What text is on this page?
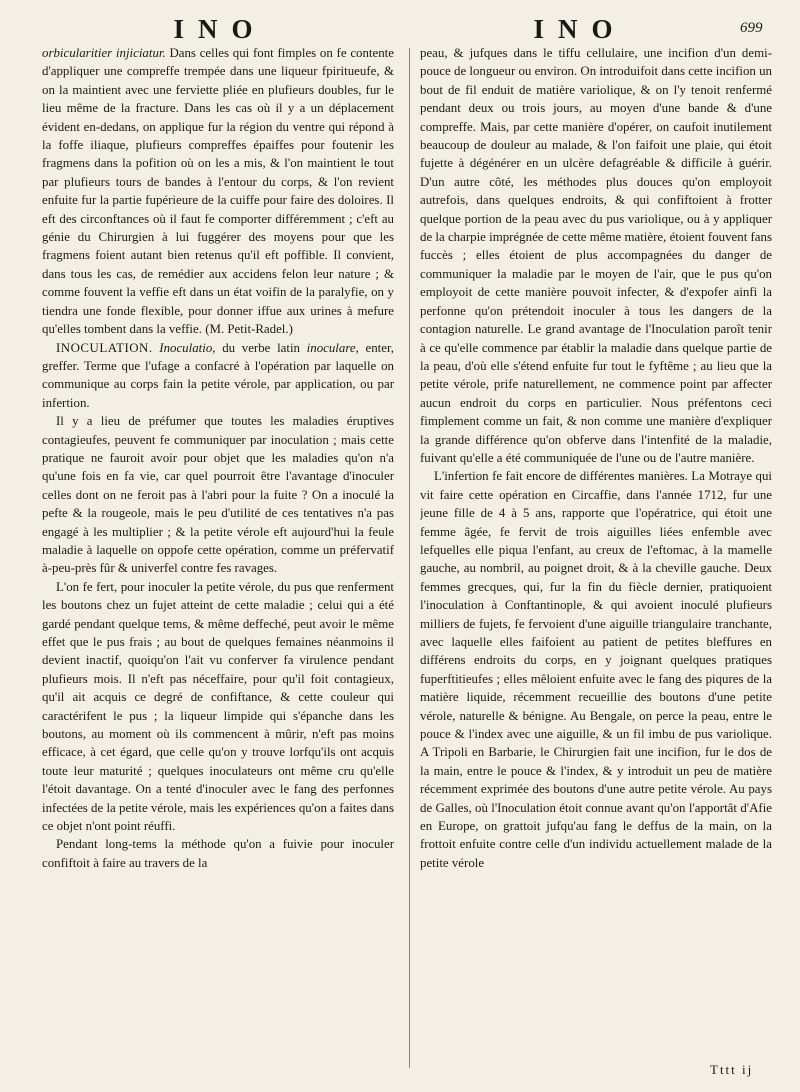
INO	INO	699

orbicularitier injiciatur. Dans celles qui font fimples on fe contente d'appliquer une compreffe trempée dans une liqueur fpiritueufe, & on la maintient avec une ferviette pliée en plufieurs doubles, fur le lieu même de la fracture. Dans les cas où il y a un déplacement évident en-dedans, on applique fur la région du ventre qui répond à la foffe iliaque, plufieurs compreffes épaiffes pour foutenir les fragmens dans la pofition où on les a mis, & l'on maintient le tout par plufieurs tours de bandes à l'entour du corps, & l'on revient enfuite fur la partie fupérieure de la cuiffe pour faire des doloires. Il eft des circonftances où il faut fe comporter différemment ; c'eft au génie du Chirurgien à lui fuggérer des moyens pour que les fragmens foient autant bien retenus qu'il eft poffible. Il convient, dans tous les cas, de remédier aux accidens felon leur nature ; & comme fouvent la veffie eft dans un état voifin de la paralyfie, on y tiendra une fonde flexible, pour donner iffue aux urines à mefure qu'elles tombent dans la veffie. (M. Petit-Radel.)

INOCULATION. Inoculatio, du verbe latin inoculare, enter, greffer. Terme que l'ufage a confacré à l'opération par laquelle on communique au corps fain la petite vérole, par application, ou par infertion.

Il y a lieu de préfumer que toutes les maladies éruptives contagieufes, peuvent fe communiquer par inoculation ; mais cette pratique ne fauroit avoir pour objet que les maladies qu'on n'a qu'une fois en fa vie, car quel pourroit être l'avantage d'inoculer celles dont on ne feroit pas à l'abri pour la fuite ? On a inoculé la pefte & la rougeole, mais le peu d'utilité de ces tentatives n'a pas engagé à les multiplier ; & la petite vérole eft aujourd'hui la feule maladie à laquelle on oppofe cette opération, comme un préfervatif à-peu-près fûr & univerfel contre fes ravages.

L'on fe fert, pour inoculer la petite vérole, du pus que renferment les boutons chez un fujet atteint de cette maladie ; celui qui a été gardé pendant quelque tems, & même deffeché, peut avoir le même effet que le pus frais ; au bout de quelques femaines néanmoins il devient inactif, quoiqu'on l'ait vu conferver fa virulence pendant plufieurs mois. Il n'eft pas néceffaire, pour qu'il foit contagieux, qu'il ait acquis ce degré de confiftance, & cette couleur qui caractérifent le pus ; la liqueur limpide qui s'épanche dans les boutons, au moment où ils commencent à mûrir, n'eft pas moins efficace, à cet égard, que celle qu'on y trouve lorfqu'ils ont acquis toute leur maturité ; quelques inoculateurs ont même cru qu'elle l'étoit davantage. On a tenté d'inoculer avec le fang des perfonnes infectées de la petite vérole, mais les expériences qu'on a faites dans ce objet n'ont point réuffi.

Pendant long-tems la méthode qu'on a fuivie pour inoculer confiftoit à faire au travers de la

peau, & jufques dans le tiffu cellulaire, une incifion d'un demi-pouce de longueur ou environ. On introduifoit dans cette incifion un bout de fil enduit de matière variolique, & on l'y tenoit renfermé pendant deux ou trois jours, au moyen d'une bande & d'une compreffe. Mais, par cette manière d'opérer, on caufoit inutilement beaucoup de douleur au malade, & l'on faifoit une plaie, qui étoit fujette à dégénérer en un ulcère defagréable & difficile à guérir. D'un autre côté, les méthodes plus douces qu'on employoit autrefois, dans quelques endroits, & qui confiftoient à frotter quelque portion de la peau avec du pus variolique, ou à y appliquer de la charpie imprégnée de cette même matière, étoient fouvent fans fuccès ; elles étoient de plus accompagnées du danger de communiquer la maladie par le moyen de l'air, que le pus qu'on employoit de cette manière pouvoit infecter, & d'expofer ainfi la perfonne qu'on prétendoit inoculer à tous les dangers de la contagion naturelle. Le grand avantage de l'Inoculation paroît tenir à ce qu'elle commence par établir la maladie dans quelque partie de la peau, d'où elle s'étend enfuite fur tout le fyftême ; au lieu que la petite vérole, prife naturellement, ne commence point par affecter aucun endroit du corps en particulier. Nous préfentons ceci fimplement comme un fait, & non comme une manière d'expliquer la grande différence qu'on obferve dans l'intenfité de la maladie, fuivant qu'elle a été communiquée de l'une ou de l'autre manière.

L'infertion fe fait encore de différentes manières. La Motraye qui vit faire cette opération en Circaffie, dans l'année 1712, fur une jeune fille de 4 à 5 ans, rapporte que l'opératrice, qui étoit une femme âgée, fe fervit de trois aiguilles liées enfemble avec lefquelles elle piqua l'enfant, au creux de l'eftomac, à la mamelle gauche, au nombril, au poignet droit, & à la cheville gauche. Deux femmes grecques, qui, fur la fin du fiècle dernier, pratiquoient l'inoculation à Conftantinople, & qui avoient inoculé plufieurs milliers de fujets, fe fervoient d'une aiguille triangulaire tranchante, avec laquelle elles faifoient au patient de petites bleffures en différens endroits du corps, en y joignant quelques pratiques fuperftitieufes ; elles mêloient enfuite avec le fang des piqures de la matière liquide, récemment recueillie des boutons d'une petite vérole, naturelle & bénigne. Au Bengale, on perce la peau, entre le pouce & l'index avec une aiguille, & un fil imbu de pus variolique. A Tripoli en Barbarie, le Chirurgien fait une incifion, fur le dos de la main, entre le pouce & l'index, & y introduit un peu de matière récemment exprimée des boutons d'une autre petite vérole. Au pays de Galles, où l'Inoculation étoit connue avant qu'on l'apportât d'Afie en Europe, on grattoit jufqu'au fang le deffus de la main, on la frottoit enfuite contre celle d'un individu actuellement malade de la petite vérole

Tttt ij
